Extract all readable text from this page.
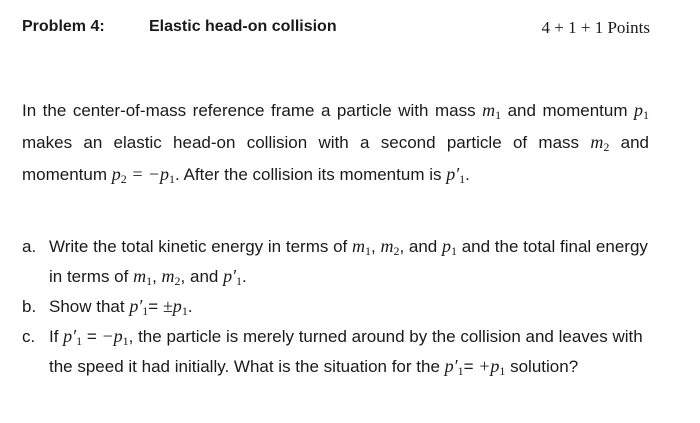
Problem 4:	Elastic head-on collision	4 + 1 + 1 Points
In the center-of-mass reference frame a particle with mass $m_1$ and momentum $p_1$ makes an elastic head-on collision with a second particle of mass $m_2$ and momentum $p_2 = -p_1$. After the collision its momentum is $p'_1$.
a. Write the total kinetic energy in terms of $m_1$, $m_2$, and $p_1$ and the total final energy in terms of $m_1$, $m_2$, and $p'_1$.
b. Show that $p'_1= \pm p_1$.
c. If $p'_1 = -p_1$, the particle is merely turned around by the collision and leaves with the speed it had initially. What is the situation for the $p'_1= +p_1$ solution?
